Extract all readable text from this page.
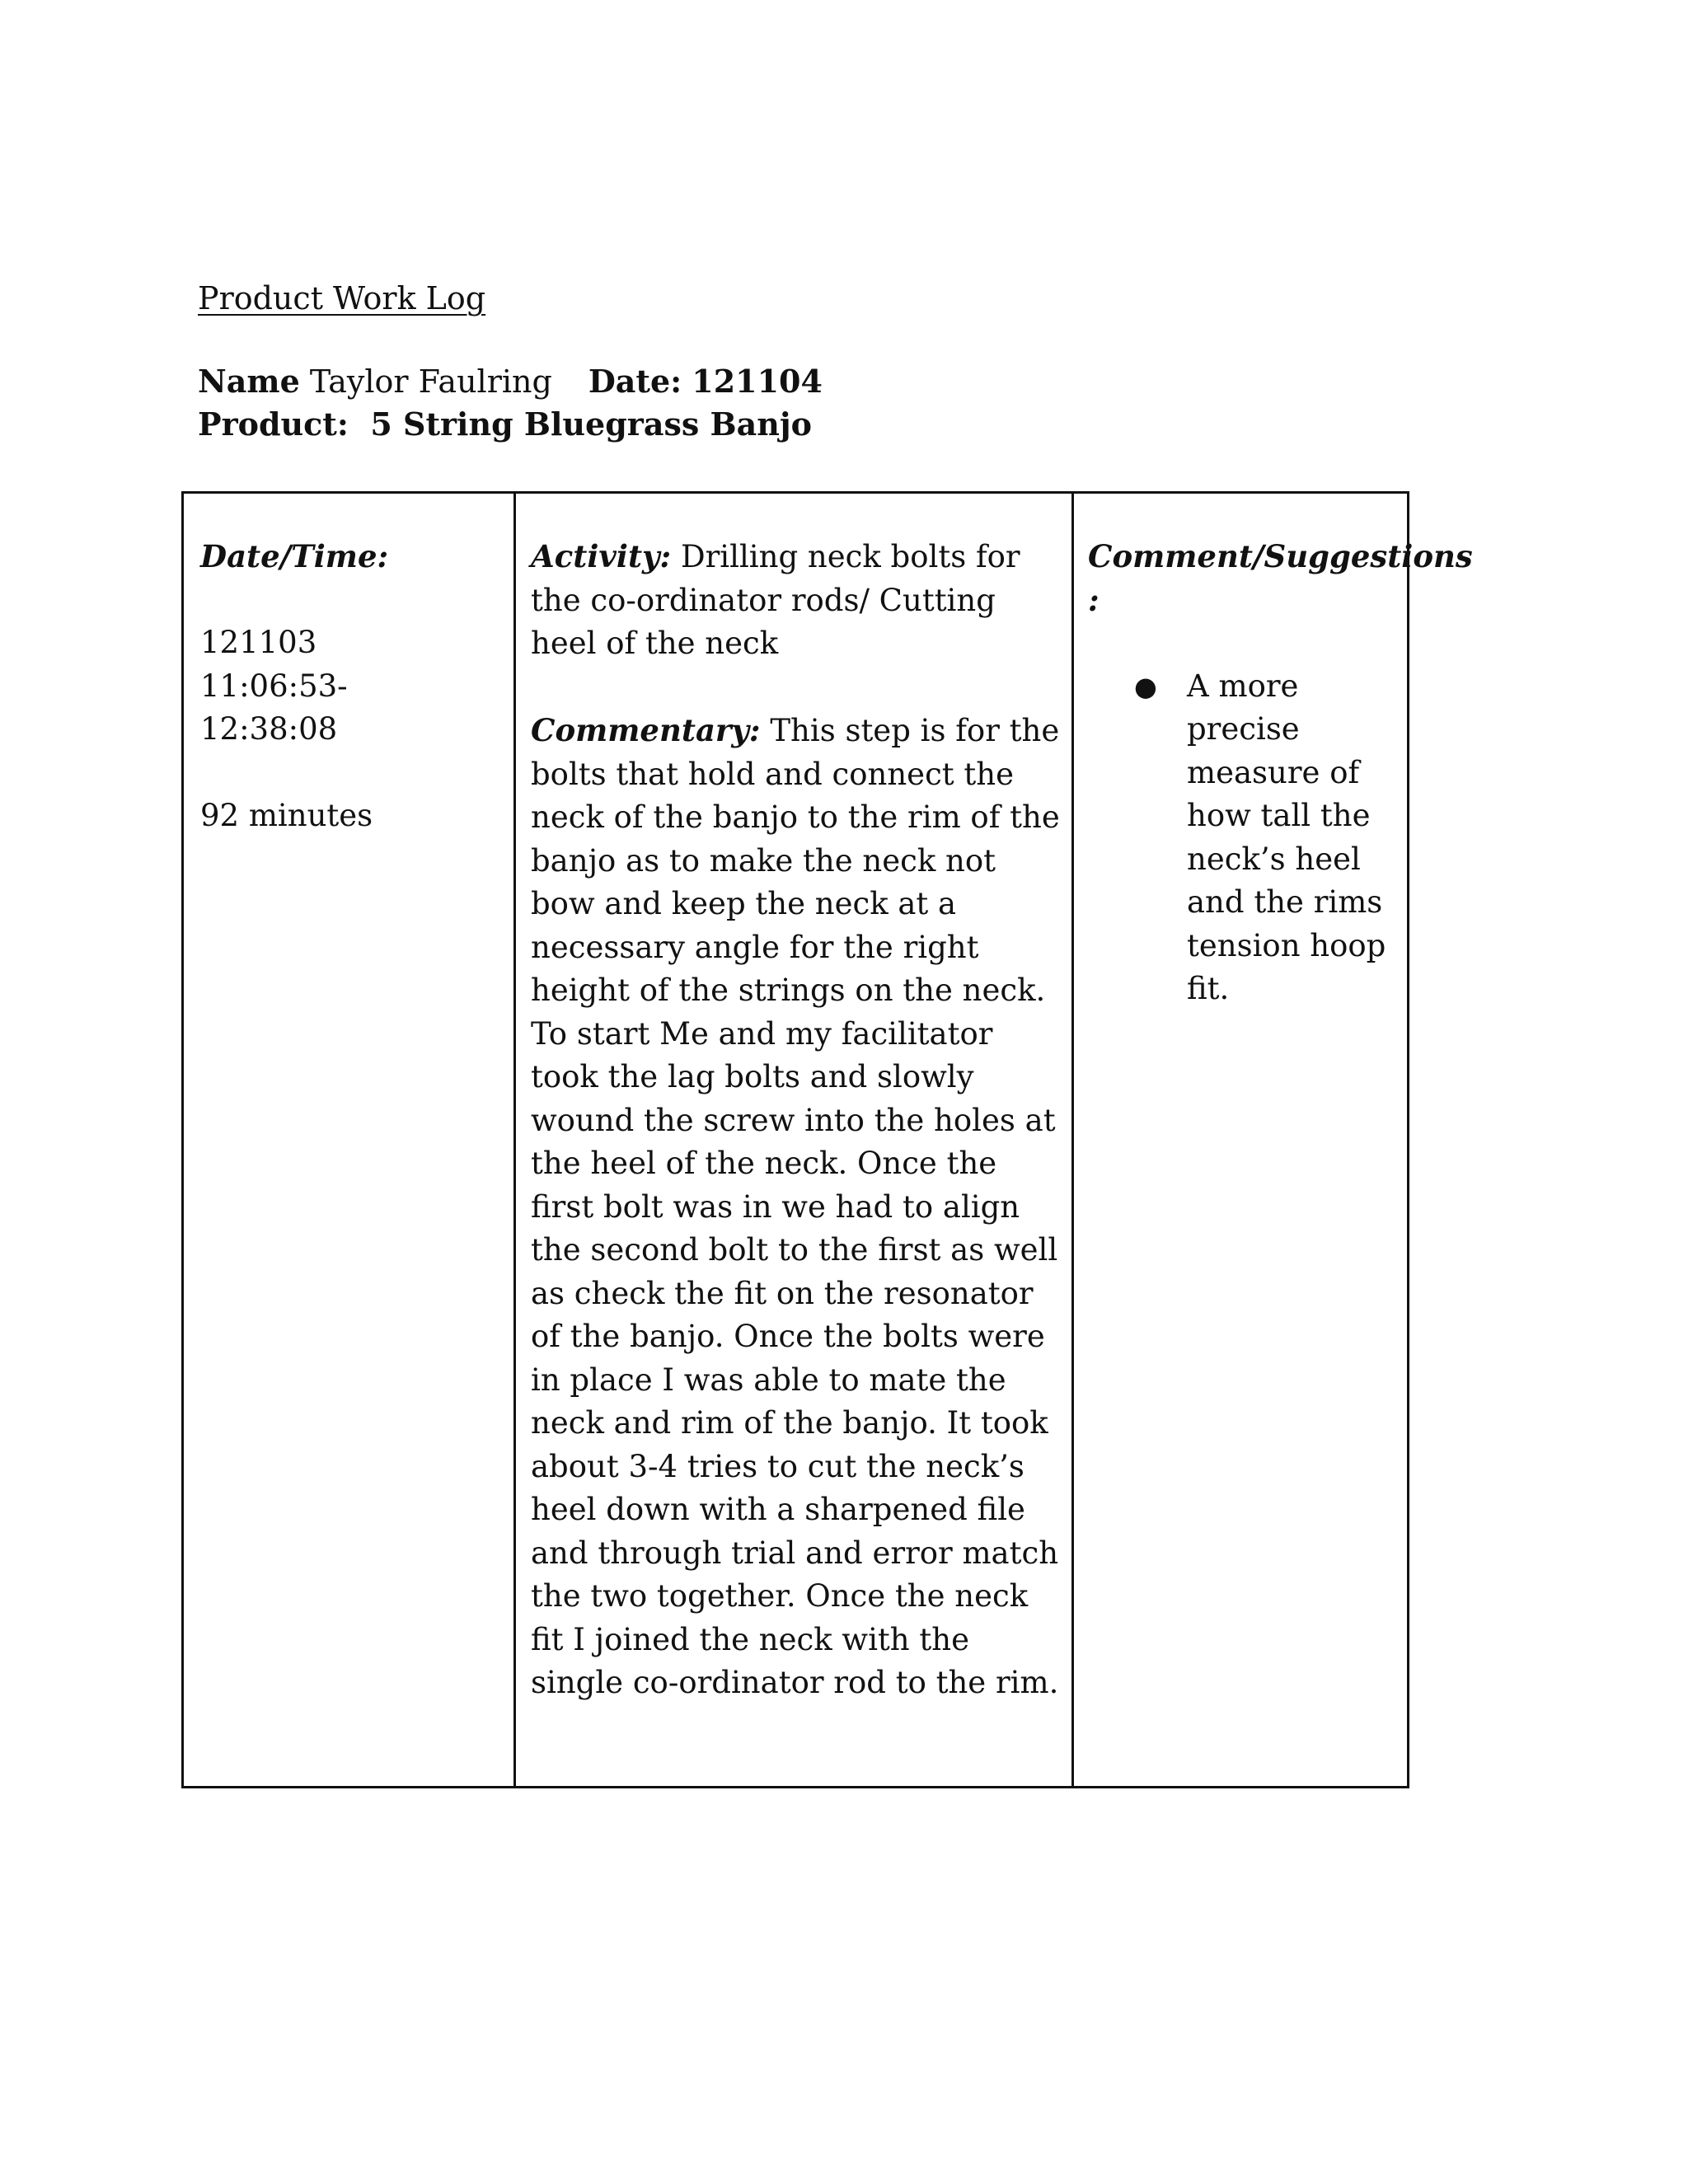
Product Work Log
Name Taylor Faulring Date: 121104
Product: 5 String Bluegrass Banjo
Date/Time:
121103
11:06:53-
12:38:08
92 minutes
Activity: Drilling neck bolts for the co-ordinator rods/ Cutting heel of the neck
Commentary: This step is for the bolts that hold and connect the neck of the banjo to the rim of the banjo as to make the neck not bow and keep the neck at a necessary angle for the right height of the strings on the neck. To start Me and my facilitator took the lag bolts and slowly wound the screw into the holes at the heel of the neck. Once the first bolt was in we had to align the second bolt to the first as well as check the fit on the resonator of the banjo. Once the bolts were in place I was able to mate the neck and rim of the banjo. It took about 3-4 tries to cut the neck’s heel down with a sharpened file and through trial and error match the two together. Once the neck fit I joined the neck with the single co-ordinator rod to the rim.
Comment/Suggestions
:
● A more precise measure of how tall the neck’s heel and the rims tension hoop fit.
